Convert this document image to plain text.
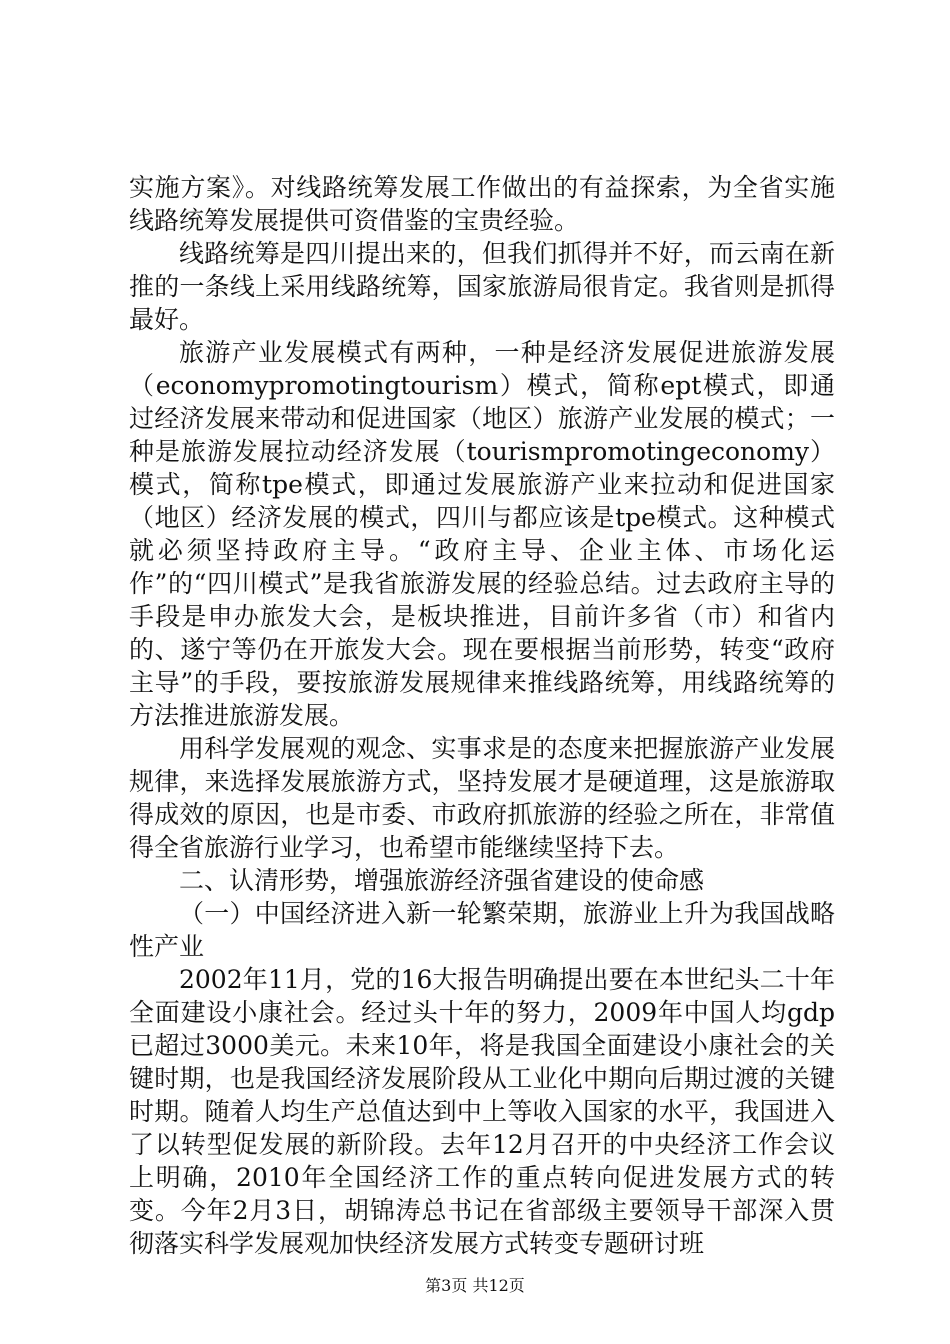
实施方案》。对线路统筹发展工作做出的有益探索，为全省实施线路统筹发展提供可资借鉴的宝贵经验。

线路统筹是四川提出来的，但我们抓得并不好，而云南在新推的一条线上采用线路统筹，国家旅游局很肯定。我省则是抓得最好。

旅游产业发展模式有两种，一种是经济发展促进旅游发展（economypromotingtourism）模式，简称ept模式，即通过经济发展来带动和促进国家（地区）旅游产业发展的模式；一种是旅游发展拉动经济发展（tourismpromotingeconomy）模式，简称tpe模式，即通过发展旅游产业来拉动和促进国家（地区）经济发展的模式，四川与都应该是tpe模式。这种模式就必须坚持政府主导。“政府主导、企业主体、市场化运作”的“四川模式”是我省旅游发展的经验总结。过去政府主导的手段是申办旅发大会，是板块推进，目前许多省（市）和省内的、遂宁等仍在开旅发大会。现在要根据当前形势，转变“政府主导”的手段，要按旅游发展规律来推线路统筹，用线路统筹的方法推进旅游发展。

用科学发展观的观念、实事求是的态度来把握旅游产业发展规律，来选择发展旅游方式，坚持发展才是硬道理，这是旅游取得成效的原因，也是市委、市政府抓旅游的经验之所在，非常值得全省旅游行业学习，也希望市能继续坚持下去。

二、认清形势，增强旅游经济强省建设的使命感

（一）中国经济进入新一轮繁荣期，旅游业上升为我国战略性产业

2002年11月，党的16大报告明确提出要在本世纪头二十年全面建设小康社会。经过头十年的努力，2009年中国人均gdp已超过3000美元。未来10年，将是我国全面建设小康社会的关键时期，也是我国经济发展阶段从工业化中期向后期过渡的关键时期。随着人均生产总值达到中上等收入国家的水平，我国进入了以转型促发展的新阶段。去年12月召开的中央经济工作会议上明确，2010年全国经济工作的重点转向促进发展方式的转变。今年2月3日，胡锦涛总书记在省部级主要领导干部深入贯彻落实科学发展观加快经济发展方式转变专题研讨班

第3页 共12页
